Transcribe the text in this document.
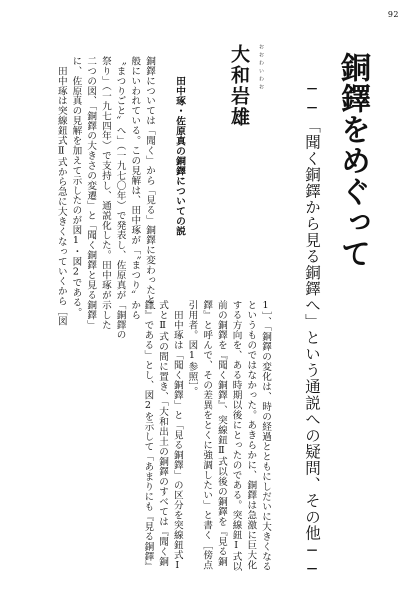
92
銅鐸をめぐって
──「聞く銅鐸から見る銅鐸へ」という通説への疑問、その他──
おおわいわお
大和岩雄
田中琢・佐原真の銅鐸についての説
銅鐸については「聞く」から「見る」銅鐸に変わったと一
般にいわれている。この見解は、田中琢が「〝まつり〟から
〝まつりごと〟へ」（一九七〇年）で発表し、佐原真が「銅鐸の
祭り」（一九七四年）で支持し、通説化した。田中琢が示した
二つの図、「銅鐸の大きさの変遷」と「聞く銅鐸と見る銅鐸」
に、佐原真の見解を加えて示したのが図1・図2である。
　田中琢は突線鈕式Ⅱ式から急に大きくなっていくから［図
1］、「銅鐸の変化は、時の経過とともにしだいに大きくなる
というものではなかった。あきらかに、銅鐸は急激に巨大化
する方向を、ある時期以後にとったのである。突線鈕Ⅰ式以
前の銅鐸を『聞く銅鐸』、突線鈕Ⅱ式以後の銅鐸を『見る銅
鐸』と呼んで、その差異をとくに強調したい」と書く［傍点
引用者。図1参照］。
　田中琢は「聞く銅鐸」と「見る銅鐸」の区分を突線鈕式Ⅰ
式とⅡ式の間に置き、「大和出土の銅鐸のすべては『聞く銅
鐸』である」とし、図2を示して「あまりにも『見る銅鐸』
